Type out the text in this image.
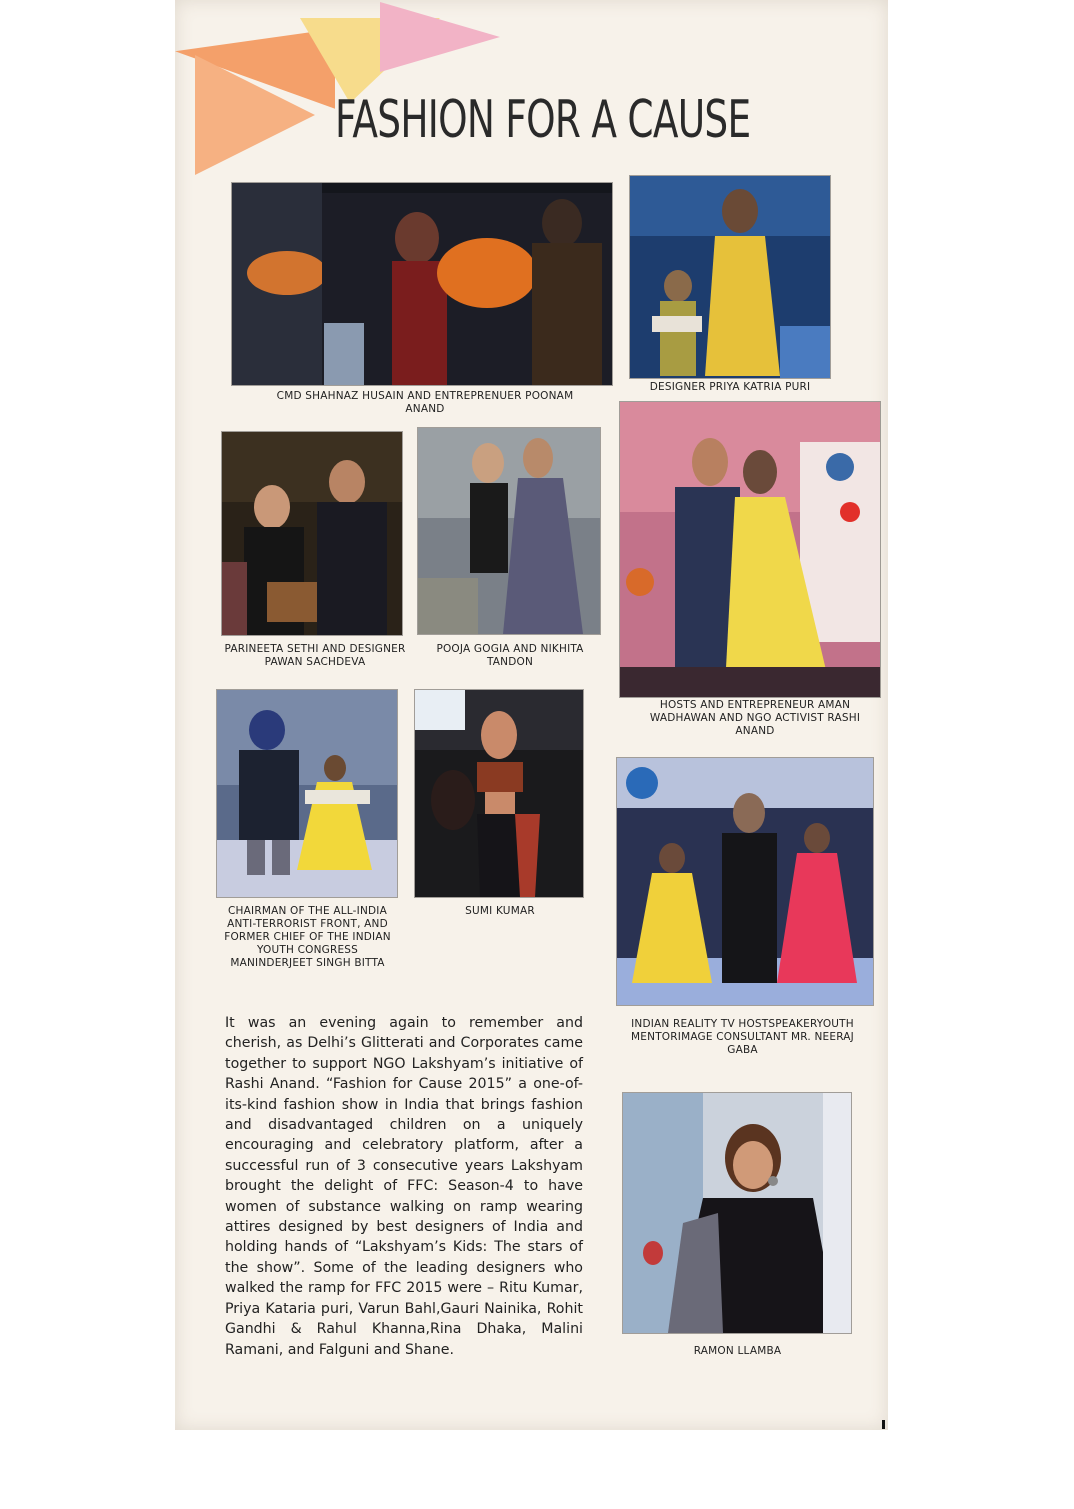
FASHION FOR A CAUSE
CMD SHAHNAZ HUSAIN AND ENTREPRENUER POONAM ANAND
DESIGNER PRIYA KATRIA PURI
PARINEETA SETHI AND DESIGNER PAWAN SACHDEVA
POOJA GOGIA AND NIKHITA TANDON
HOSTS AND ENTREPRENEUR AMAN WADHAWAN AND NGO ACTIVIST RASHI ANAND
CHAIRMAN OF THE ALL-INDIA ANTI-TERRORIST FRONT, AND FORMER CHIEF OF THE INDIAN YOUTH CONGRESS MANINDERJEET SINGH BITTA
SUMI KUMAR
INDIAN REALITY TV HOSTSPEAKERYOUTH MENTORIMAGE CONSULTANT MR. NEERAJ GABA
It was an evening again to remember and cherish, as Delhi’s Glitterati and Corporates came together to support NGO Lakshyam’s initiative of Rashi Anand. “Fashion for Cause 2015” a one-of-its-kind fashion show in India that brings fashion and disadvantaged children on a uniquely encouraging and celebratory platform, after a successful run of 3 consecutive years Lakshyam brought the delight of FFC: Season-4 to have women of substance walking on ramp wearing attires designed by best designers of India and holding hands of “Lakshyam’s Kids: The stars of the show”. Some of the leading designers who walked the ramp for FFC 2015 were – Ritu Kumar, Priya Kataria puri, Varun Bahl,Gauri Nainika, Rohit Gandhi & Rahul Khanna,Rina Dhaka, Malini Ramani, and Falguni and Shane.	RAMON LLAMBA
